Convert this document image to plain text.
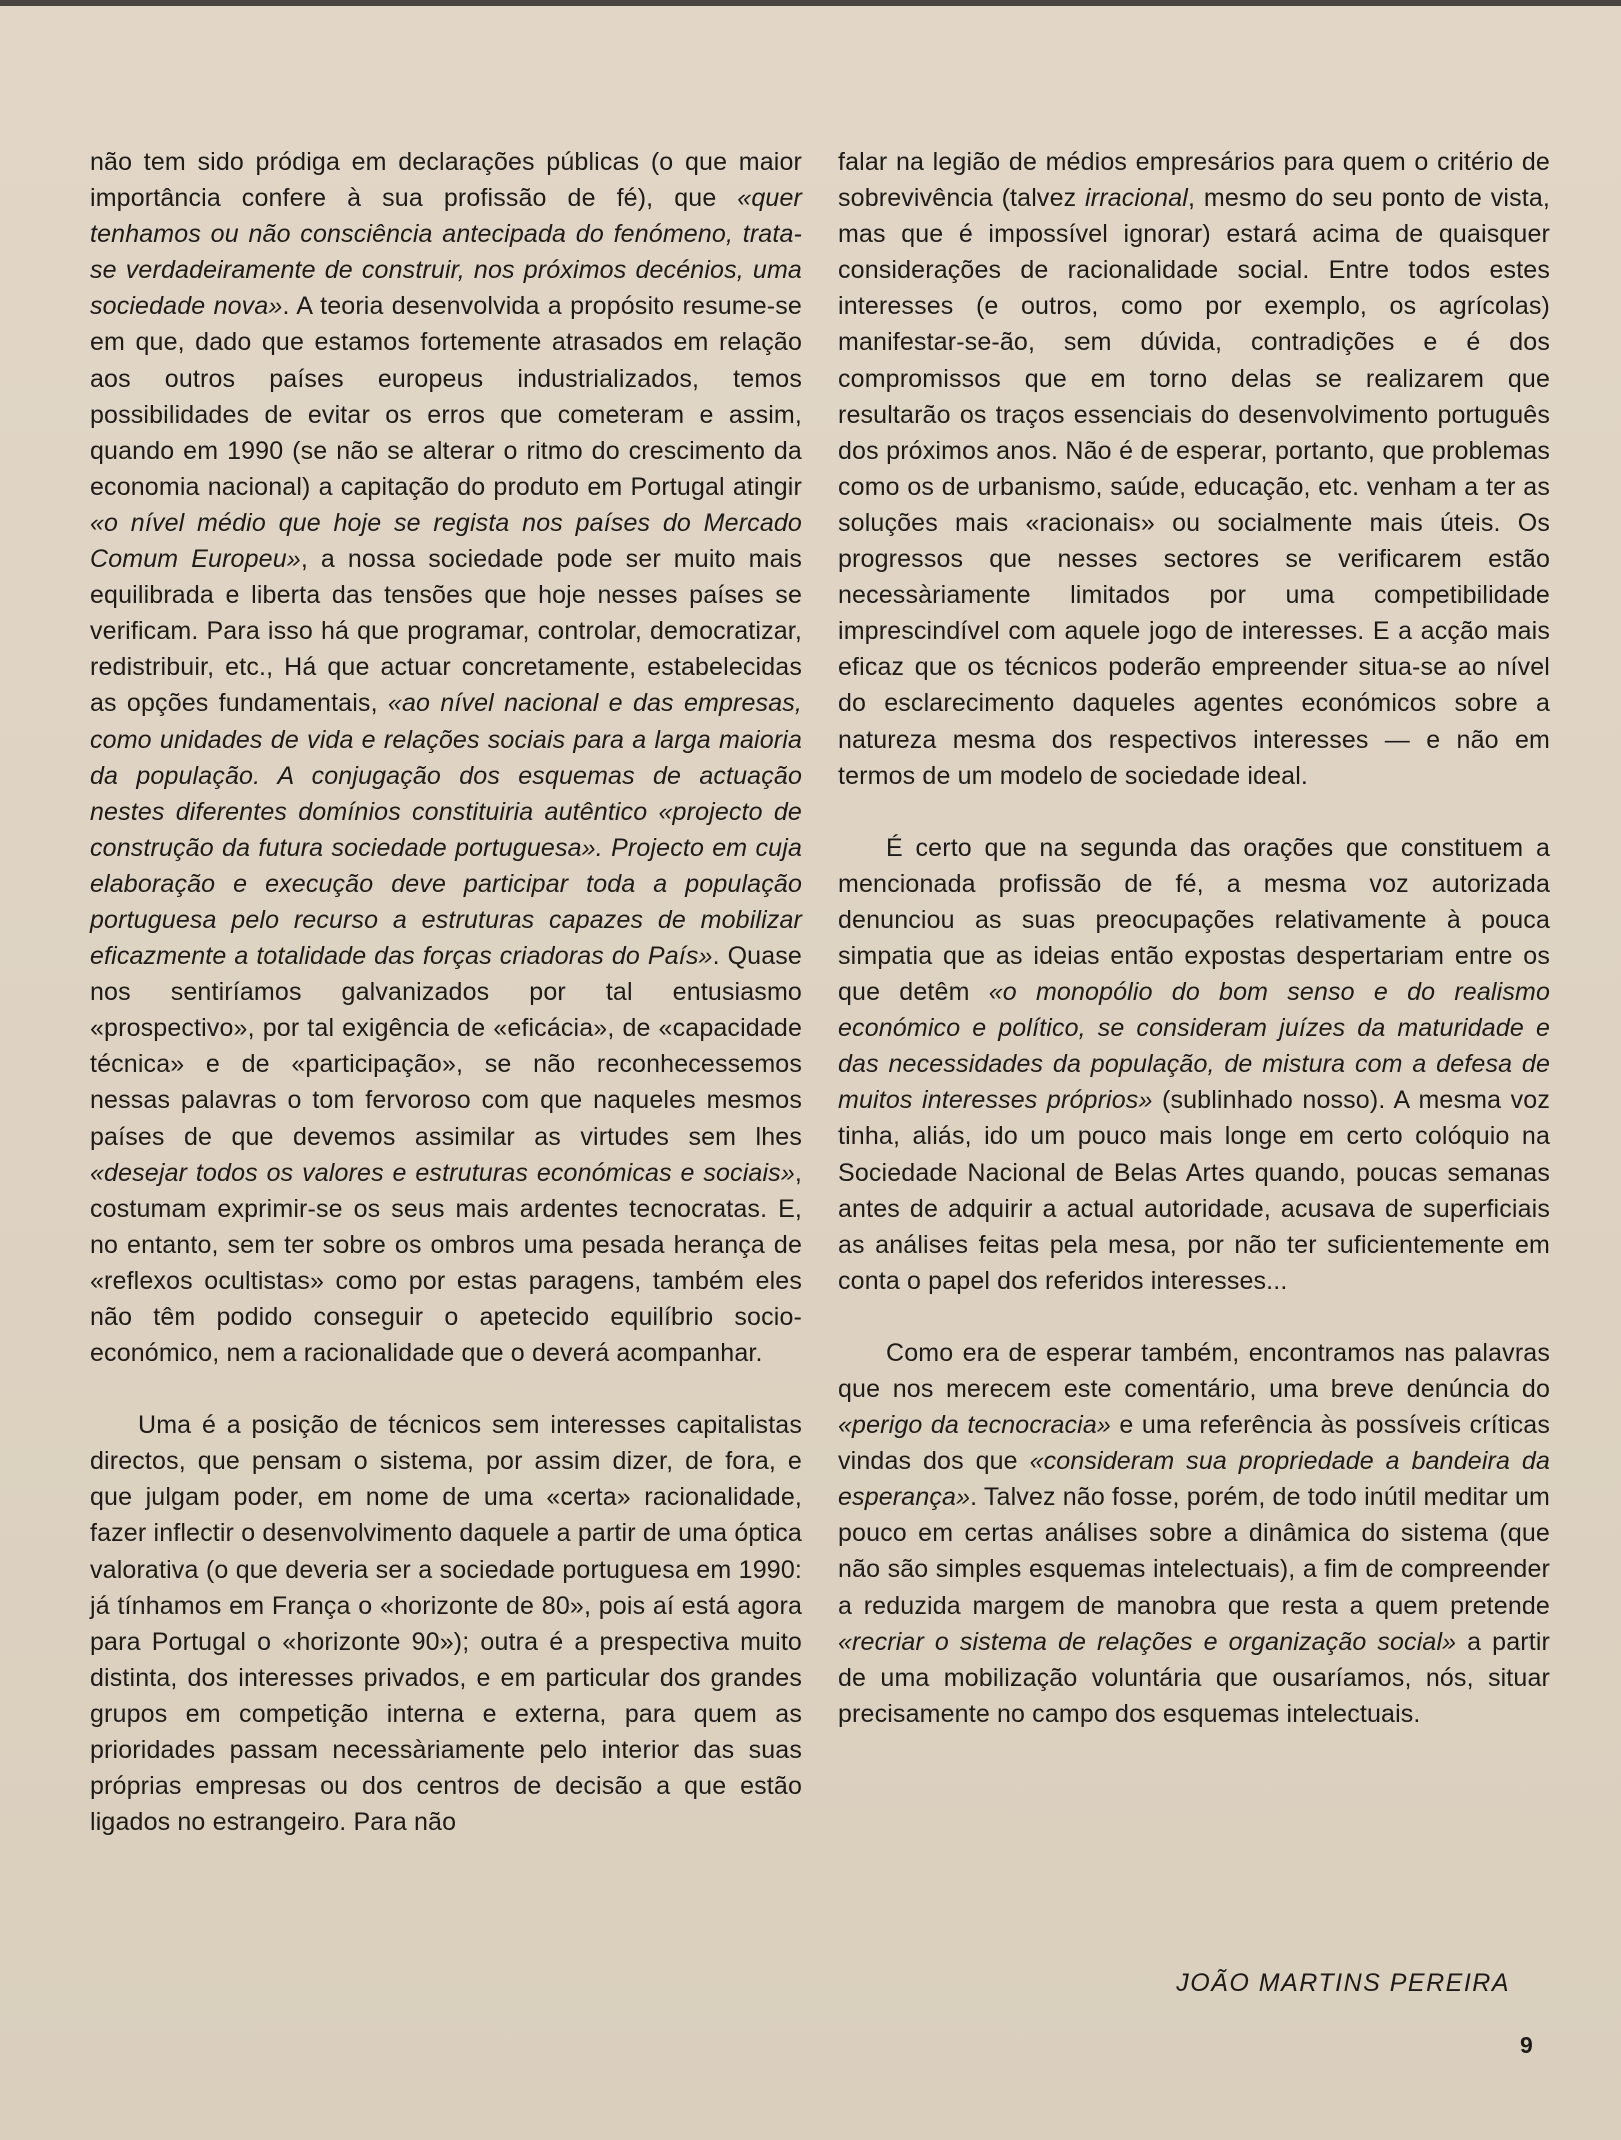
não tem sido pródiga em declarações públicas (o que maior importância confere à sua profissão de fé), que «quer tenhamos ou não consciência antecipada do fenómeno, trata-se verdadeiramente de construir, nos próximos decénios, uma sociedade nova». A teoria desenvolvida a propósito resume-se em que, dado que estamos fortemente atrasados em relação aos outros países europeus industrializados, temos possibilidades de evitar os erros que cometeram e assim, quando em 1990 (se não se alterar o ritmo do crescimento da economia nacional) a capitação do produto em Portugal atingir «o nível médio que hoje se regista nos países do Mercado Comum Europeu», a nossa sociedade pode ser muito mais equilibrada e liberta das tensões que hoje nesses países se verificam. Para isso há que programar, controlar, democratizar, redistribuir, etc., Há que actuar concretamente, estabelecidas as opções fundamentais, «ao nível nacional e das empresas, como unidades de vida e relações sociais para a larga maioria da população. A conjugação dos esquemas de actuação nestes diferentes domínios constituiria autêntico «projecto de construção da futura sociedade portuguesa». Projecto em cuja elaboração e execução deve participar toda a população portuguesa pelo recurso a estruturas capazes de mobilizar eficazmente a totalidade das forças criadoras do País». Quase nos sentiríamos galvanizados por tal entusiasmo «prospectivo», por tal exigência de «eficácia», de «capacidade técnica» e de «participação», se não reconhecessemos nessas palavras o tom fervoroso com que naqueles mesmos países de que devemos assimilar as virtudes sem lhes «desejar todos os valores e estruturas económicas e sociais», costumam exprimir-se os seus mais ardentes tecnocratas. E, no entanto, sem ter sobre os ombros uma pesada herança de «reflexos ocultistas» como por estas paragens, também eles não têm podido conseguir o apetecido equilíbrio socio-económico, nem a racionalidade que o deverá acompanhar.

Uma é a posição de técnicos sem interesses capitalistas directos, que pensam o sistema, por assim dizer, de fora, e que julgam poder, em nome de uma «certa» racionalidade, fazer inflectir o desenvolvimento daquele a partir de uma óptica valorativa (o que deveria ser a sociedade portuguesa em 1990: já tínhamos em França o «horizonte de 80», pois aí está agora para Portugal o «horizonte 90»); outra é a prespectiva muito distinta, dos interesses privados, e em particular dos grandes grupos em competição interna e externa, para quem as prioridades passam necessàriamente pelo interior das suas próprias empresas ou dos centros de decisão a que estão ligados no estrangeiro. Para não

falar na legião de médios empresários para quem o critério de sobrevivência (talvez irracional, mesmo do seu ponto de vista, mas que é impossível ignorar) estará acima de quaisquer considerações de racionalidade social. Entre todos estes interesses (e outros, como por exemplo, os agrícolas) manifestar-se-ão, sem dúvida, contradições e é dos compromissos que em torno delas se realizarem que resultarão os traços essenciais do desenvolvimento português dos próximos anos. Não é de esperar, portanto, que problemas como os de urbanismo, saúde, educação, etc. venham a ter as soluções mais «racionais» ou socialmente mais úteis. Os progressos que nesses sectores se verificarem estão necessàriamente limitados por uma competibilidade imprescindível com aquele jogo de interesses. E a acção mais eficaz que os técnicos poderão empreender situa-se ao nível do esclarecimento daqueles agentes económicos sobre a natureza mesma dos respectivos interesses — e não em termos de um modelo de sociedade ideal.

É certo que na segunda das orações que constituem a mencionada profissão de fé, a mesma voz autorizada denunciou as suas preocupações relativamente à pouca simpatia que as ideias então expostas despertariam entre os que detêm «o monopólio do bom senso e do realismo económico e político, se consideram juízes da maturidade e das necessidades da população, de mistura com a defesa de muitos interesses próprios» (sublinhado nosso). A mesma voz tinha, aliás, ido um pouco mais longe em certo colóquio na Sociedade Nacional de Belas Artes quando, poucas semanas antes de adquirir a actual autoridade, acusava de superficiais as análises feitas pela mesa, por não ter suficientemente em conta o papel dos referidos interesses...

Como era de esperar também, encontramos nas palavras que nos merecem este comentário, uma breve denúncia do «perigo da tecnocracia» e uma referência às possíveis críticas vindas dos que «consideram sua propriedade a bandeira da esperança». Talvez não fosse, porém, de todo inútil meditar um pouco em certas análises sobre a dinâmica do sistema (que não são simples esquemas intelectuais), a fim de compreender a reduzida margem de manobra que resta a quem pretende «recriar o sistema de relações e organização social» a partir de uma mobilização voluntária que ousaríamos, nós, situar precisamente no campo dos esquemas intelectuais.

JOÃO MARTINS PEREIRA
9
